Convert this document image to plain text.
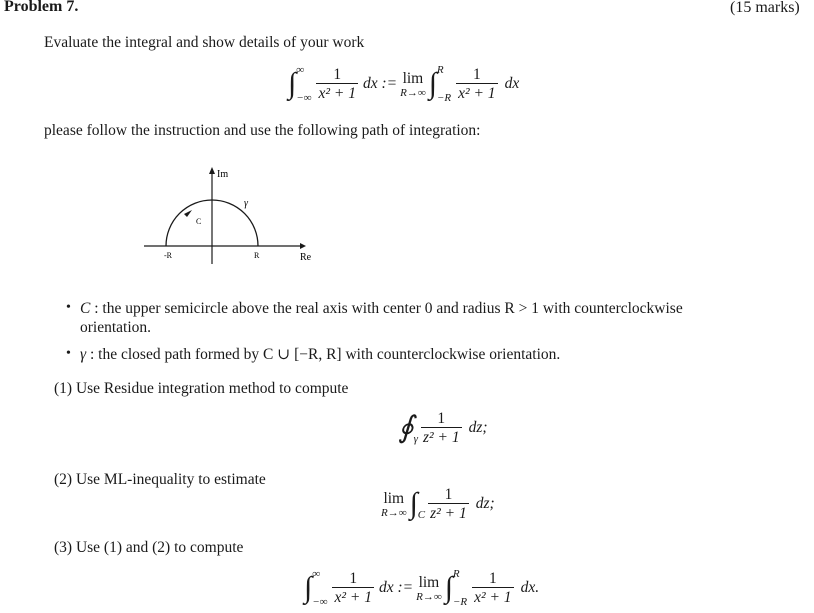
Problem 7.	(15 marks)
Evaluate the integral and show details of your work
∫ ∞
−∞ $\frac{1}{\text{x² + 1}}$ dx := lim
R→∞ ∫ R
$-R \frac{1}{\text{x² + 1}}$ dx
please follow the instruction and use the following path of integration:
Im
Re
γ
C
-R	R
• C : the upper semicircle above the real axis with center 0 and radius R > 1 with counterclockwise
orientation.
• γ : the closed path formed by C ∪ [−R, R] with counterclockwise orientation.
(1) Use Residue integration method to compute
∮ γ $\frac{1}{\text{z² + 1}}$ dz;
(2) Use ML-inequality to estimate
lim
R→∞ ∫ C $\frac{1}{\text{z² + 1}}$ dz;
(3) Use (1) and (2) to compute
∫ ∞
−∞ $\frac{1}{\text{x² + 1}}$ dx := lim
R→∞ ∫ R
$-R \frac{1}{\text{x² + 1}}$ dx.
